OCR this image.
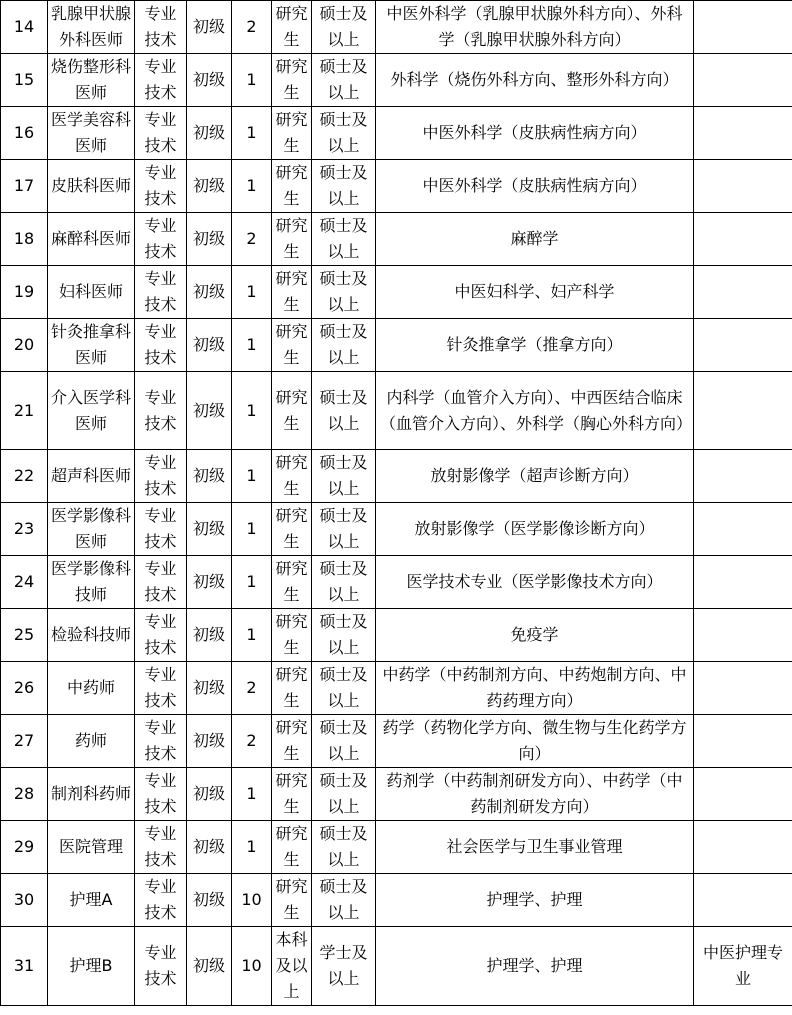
14	乳腺甲状腺外科医师	专业技术	初级	2	研究生	硕士及以上	中医外科学（乳腺甲状腺外科方向）、外科学（乳腺甲状腺外科方向）	
15	烧伤整形科医师	专业技术	初级	1	研究生	硕士及以上	外科学（烧伤外科方向、整形外科方向）	
16	医学美容科医师	专业技术	初级	1	研究生	硕士及以上	中医外科学（皮肤病性病方向）	
17	皮肤科医师	专业技术	初级	1	研究生	硕士及以上	中医外科学（皮肤病性病方向）	
18	麻醉科医师	专业技术	初级	2	研究生	硕士及以上	麻醉学	
19	妇科医师	专业技术	初级	1	研究生	硕士及以上	中医妇科学、妇产科学	
20	针灸推拿科医师	专业技术	初级	1	研究生	硕士及以上	针灸推拿学（推拿方向）	
21	介入医学科医师	专业技术	初级	1	研究生	硕士及以上	内科学（血管介入方向）、中西医结合临床（血管介入方向）、外科学（胸心外科方向）	
22	超声科医师	专业技术	初级	1	研究生	硕士及以上	放射影像学（超声诊断方向）	
23	医学影像科医师	专业技术	初级	1	研究生	硕士及以上	放射影像学（医学影像诊断方向）	
24	医学影像科技师	专业技术	初级	1	研究生	硕士及以上	医学技术专业（医学影像技术方向）	
25	检验科技师	专业技术	初级	1	研究生	硕士及以上	免疫学	
26	中药师	专业技术	初级	2	研究生	硕士及以上	中药学（中药制剂方向、中药炮制方向、中药药理方向）	
27	药师	专业技术	初级	2	研究生	硕士及以上	药学（药物化学方向、微生物与生化药学方向）	
28	制剂科药师	专业技术	初级	1	研究生	硕士及以上	药剂学（中药制剂研发方向）、中药学（中药制剂研发方向）	
29	医院管理	专业技术	初级	1	研究生	硕士及以上	社会医学与卫生事业管理	
30	护理A	专业技术	初级	10	研究生	硕士及以上	护理学、护理	
31	护理B	专业技术	初级	10	本科及以上	学士及以上	护理学、护理	中医护理专业
